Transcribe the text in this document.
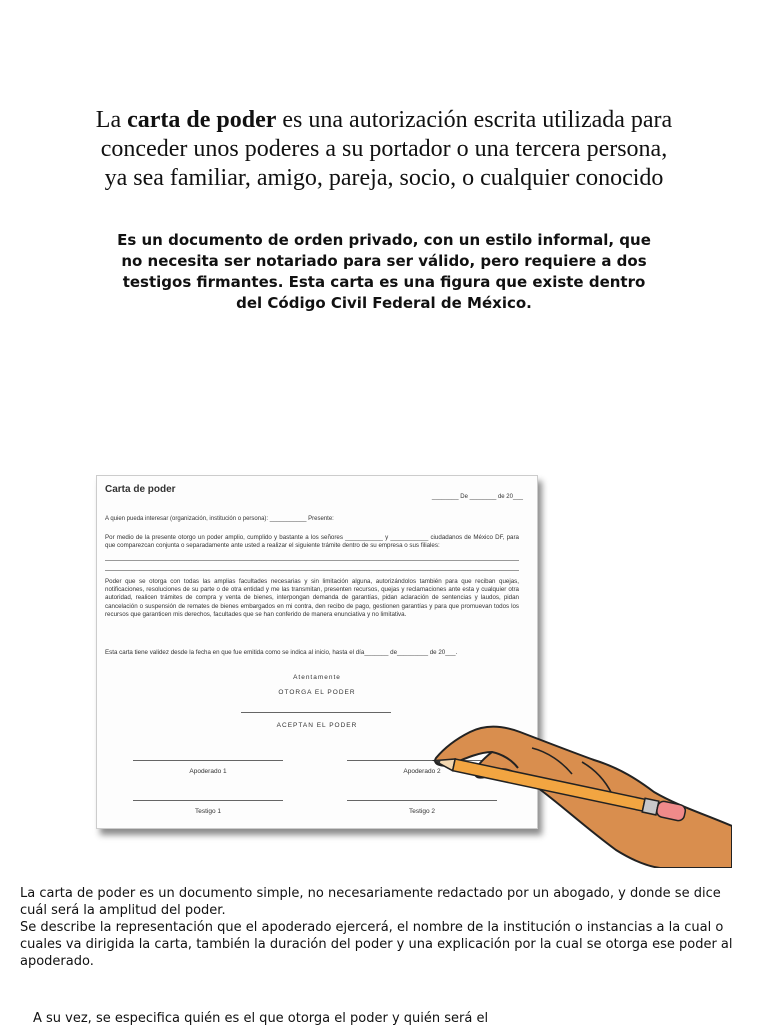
La carta de poder es una autorización escrita utilizada para conceder unos poderes a su portador o una tercera persona, ya sea familiar, amigo, pareja, socio, o cualquier conocido
Es un documento de orden privado, con un estilo informal, que no necesita ser notariado para ser válido, pero requiere a dos testigos firmantes. Esta carta es una figura que existe dentro del Código Civil Federal de México.
Carta de poder
________ De ________ de 20___
A quien pueda interesar (organización, institución o persona): ___________ Presente:
Por medio de la presente otorgo un poder amplio, cumplido y bastante a los señores ___________ y ___________ ciudadanos de México DF, para que comparezcan conjunta o separadamente ante usted a realizar el siguiente trámite dentro de su empresa o sus filiales:
Poder que se otorga con todas las amplias facultades necesarias y sin limitación alguna, autorizándolos también para que reciban quejas, notificaciones, resoluciones de su parte o de otra entidad y me las transmitan, presenten recursos, quejas y reclamaciones ante esta y cualquier otra autoridad, realicen trámites de compra y venta de bienes, interpongan demanda de garantías, pidan aclaración de sentencias y laudos, pidan cancelación o suspensión de remates de bienes embargados en mi contra, den recibo de pago, gestionen garantías y para que promuevan todos los recursos que garanticen mis derechos, facultades que se han conferido de manera enunciativa y no limitativa.
Esta carta tiene validez desde la fecha en que fue emitida como se indica al inicio, hasta el día_______ de_________ de 20___.
Atentamente
OTORGA EL PODER
ACEPTAN EL PODER
Apoderado 1	Apoderado 2
Testigo 1	Testigo 2
La carta de poder es un documento simple, no necesariamente redactado por un abogado, y donde se dice cuál será la amplitud del poder.
Se describe la representación que el apoderado ejercerá, el nombre de la institución o instancias a la cual o cuales va dirigida la carta, también la duración del poder y una explicación por la cual se otorga ese poder al apoderado.
A su vez, se especifica quién es el que otorga el poder y quién será el
